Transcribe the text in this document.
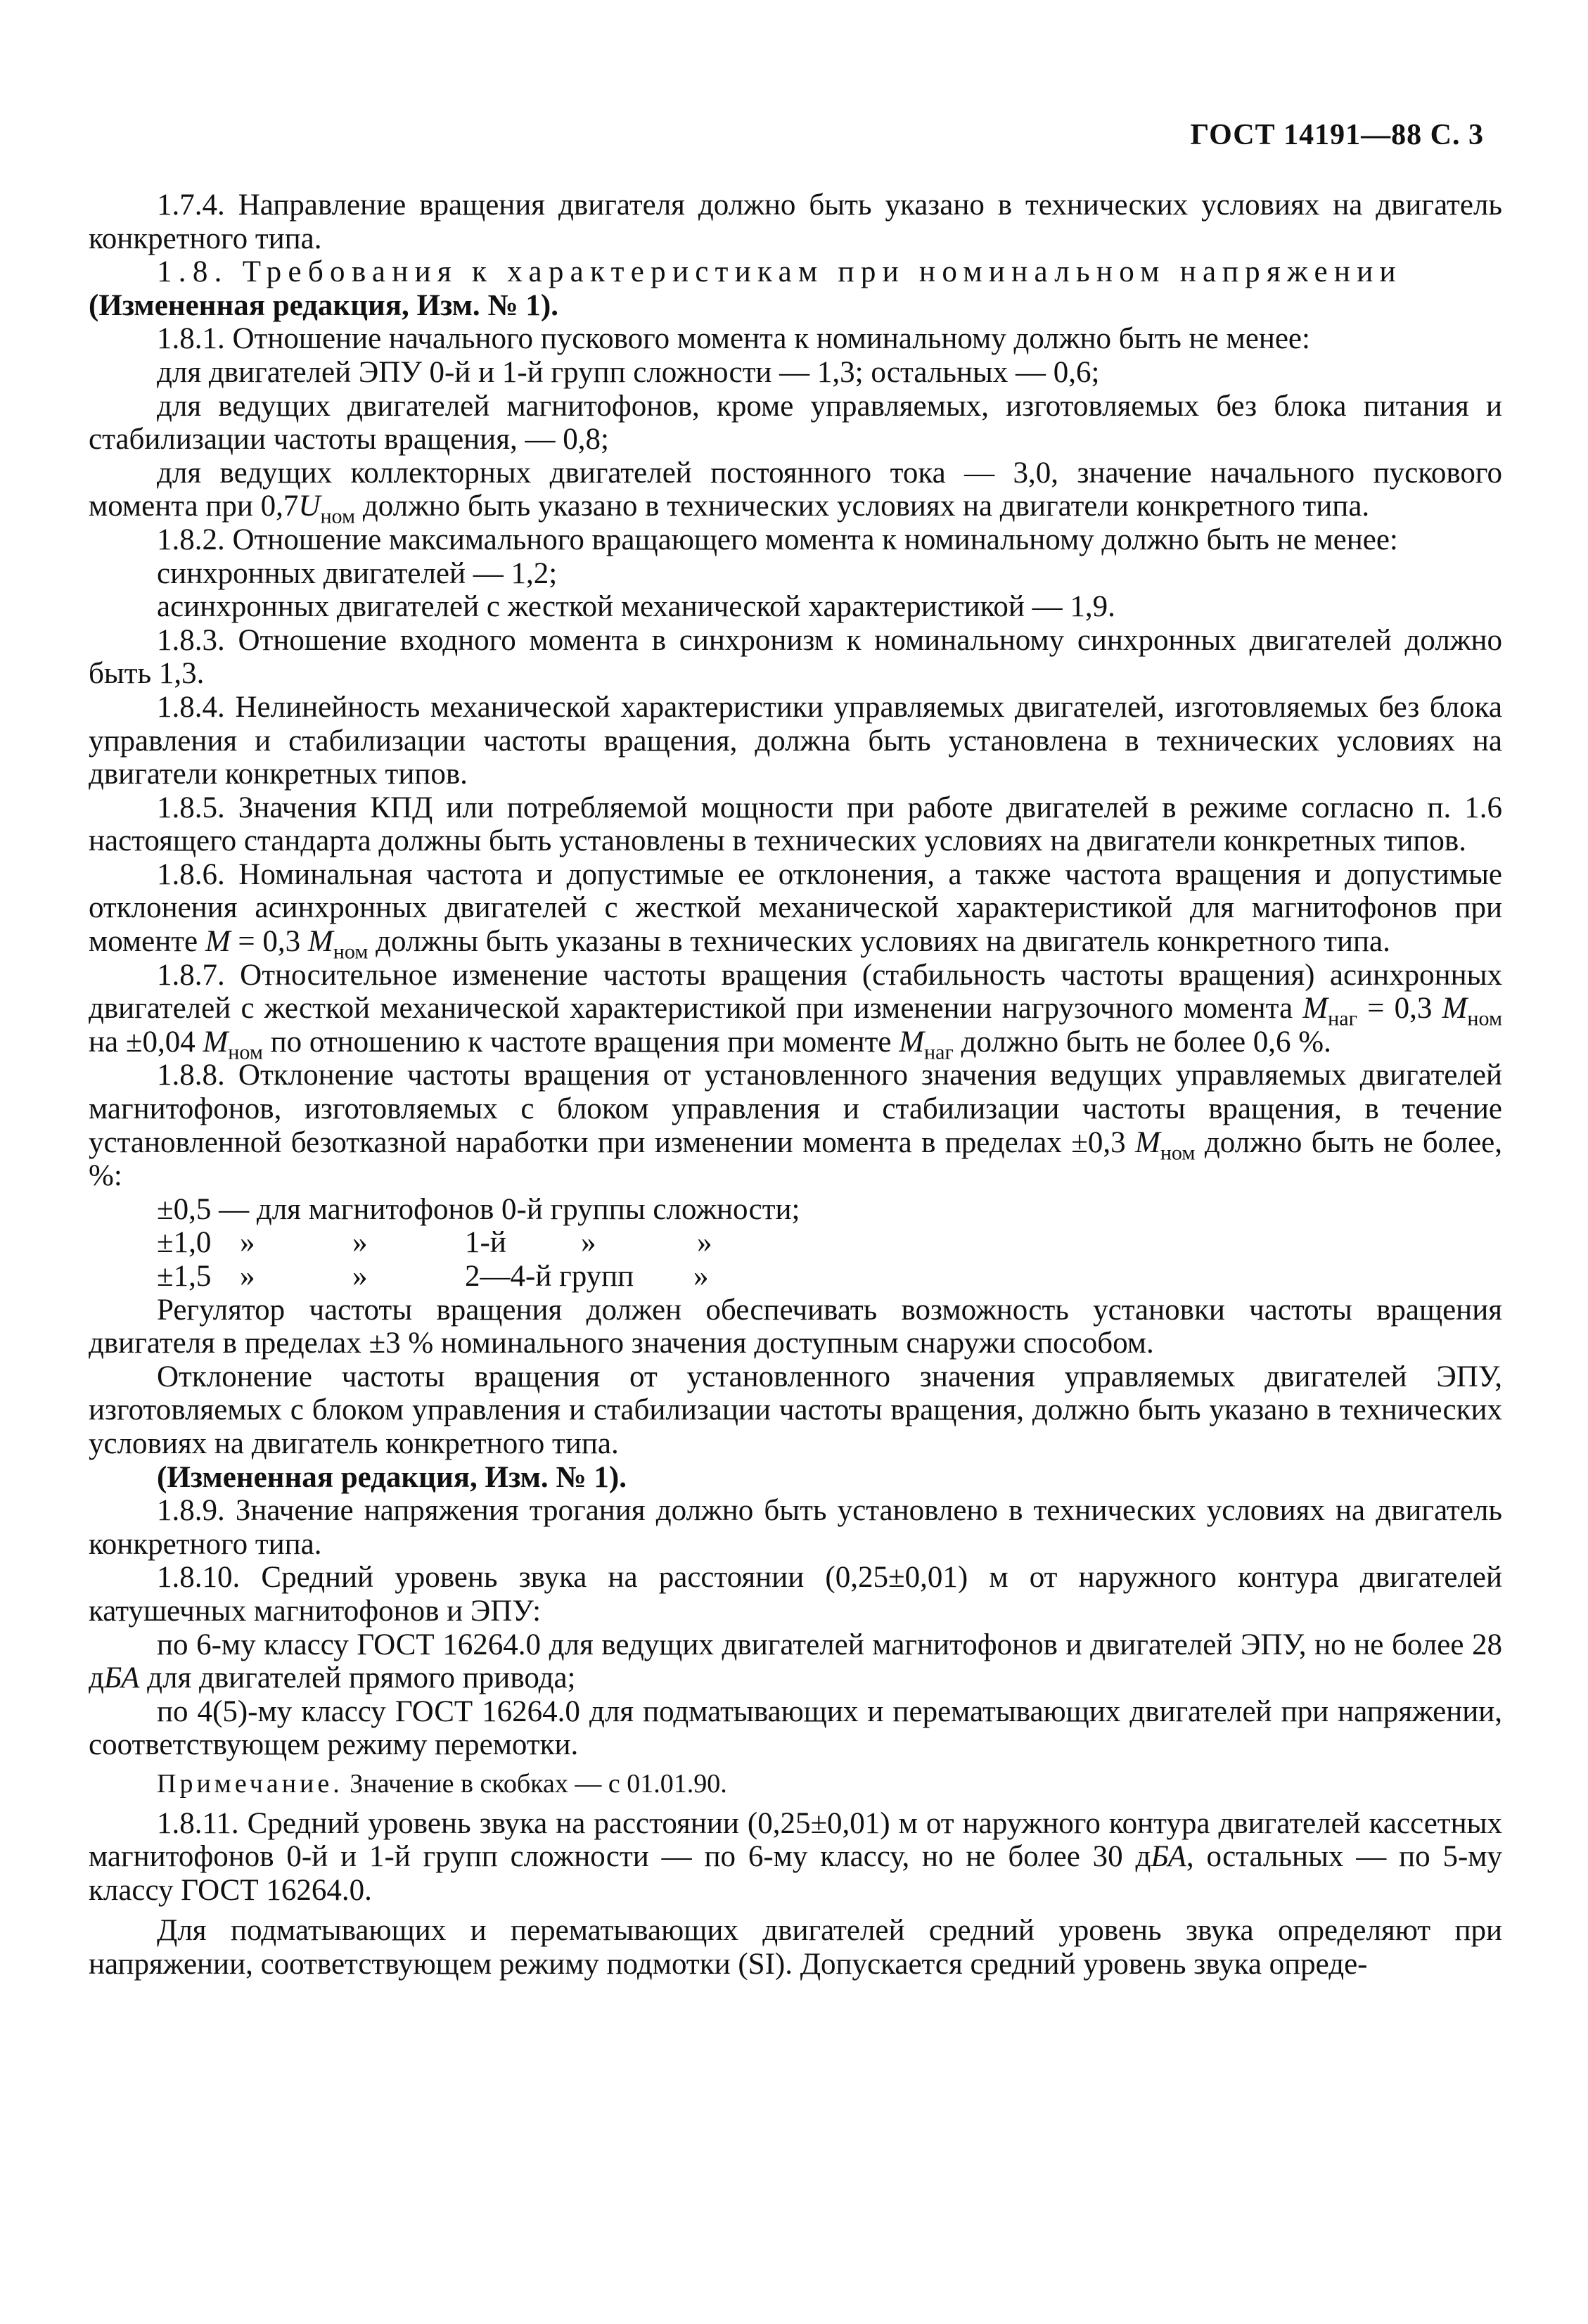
ГОСТ 14191—88 С. 3

1.7.4. Направление вращения двигателя должно быть указано в технических условиях на двигатель конкретного типа.

1.8. Требования к характеристикам при номинальном напряжении

(Измененная редакция, Изм. № 1).

1.8.1. Отношение начального пускового момента к номинальному должно быть не менее:

для двигателей ЭПУ 0-й и 1-й групп сложности — 1,3; остальных — 0,6;

для ведущих двигателей магнитофонов, кроме управляемых, изготовляемых без блока питания и стабилизации частоты вращения, — 0,8;

для ведущих коллекторных двигателей постоянного тока — 3,0, значение начального пускового момента при $0,7U_{ном}$ должно быть указано в технических условиях на двигатели конкретного типа.

1.8.2. Отношение максимального вращающего момента к номинальному должно быть не менее:

синхронных двигателей — 1,2;

асинхронных двигателей с жесткой механической характеристикой — 1,9.

1.8.3. Отношение входного момента в синхронизм к номинальному синхронных двигателей должно быть 1,3.

1.8.4. Нелинейность механической характеристики управляемых двигателей, изготовляемых без блока управления и стабилизации частоты вращения, должна быть установлена в технических условиях на двигатели конкретных типов.

1.8.5. Значения КПД или потребляемой мощности при работе двигателей в режиме согласно п. 1.6 настоящего стандарта должны быть установлены в технических условиях на двигатели конкретных типов.

1.8.6. Номинальная частота и допустимые ее отклонения, а также частота вращения и допустимые отклонения асинхронных двигателей с жесткой механической характеристикой для магнитофонов при моменте M = 0,3 $M_{ном}$ должны быть указаны в технических условиях на двигатель конкретного типа.

1.8.7. Относительное изменение частоты вращения (стабильность частоты вращения) асинхронных двигателей с жесткой механической характеристикой при изменении нагрузочного момента $M_{наг} = 0,3$ $M_{ном}$ на ±0,04 $M_{ном}$ по отношению к частоте вращения при моменте $M_{наг}$ должно быть не более 0,6 %.

1.8.8. Отклонение частоты вращения от установленного значения ведущих управляемых двигателей магнитофонов, изготовляемых с блоком управления и стабилизации частоты вращения, в течение установленной безотказной наработки при изменении момента в пределах ±0,3 $M_{ном}$ должно быть не более, %:

±0,5 — для магнитофонов 0-й группы сложности;

±1,0 »	»	1-й »	»

±1,5 »	»	2—4-й групп »

Регулятор частоты вращения должен обеспечивать возможность установки частоты вращения двигателя в пределах ±3 % номинального значения доступным снаружи способом.

Отклонение частоты вращения от установленного значения управляемых двигателей ЭПУ, изготовляемых с блоком управления и стабилизации частоты вращения, должно быть указано в технических условиях на двигатель конкретного типа.

(Измененная редакция, Изм. № 1).

1.8.9. Значение напряжения трогания должно быть установлено в технических условиях на двигатель конкретного типа.

1.8.10. Средний уровень звука на расстоянии (0,25±0,01) м от наружного контура двигателей катушечных магнитофонов и ЭПУ:

по 6-му классу ГОСТ 16264.0 для ведущих двигателей магнитофонов и двигателей ЭПУ, но не более 28 дБА для двигателей прямого привода;

по 4(5)-му классу ГОСТ 16264.0 для подматывающих и перематывающих двигателей при напряжении, соответствующем режиму перемотки.

Примечание. Значение в скобках — с 01.01.90.

1.8.11. Средний уровень звука на расстоянии (0,25±0,01) м от наружного контура двигателей кассетных магнитофонов 0-й и 1-й групп сложности — по 6-му классу, но не более 30 дБА, остальных — по 5-му классу ГОСТ 16264.0.

Для подматывающих и перематывающих двигателей средний уровень звука определяют при напряжении, соответствующем режиму подмотки (SI). Допускается средний уровень звука опреде-
